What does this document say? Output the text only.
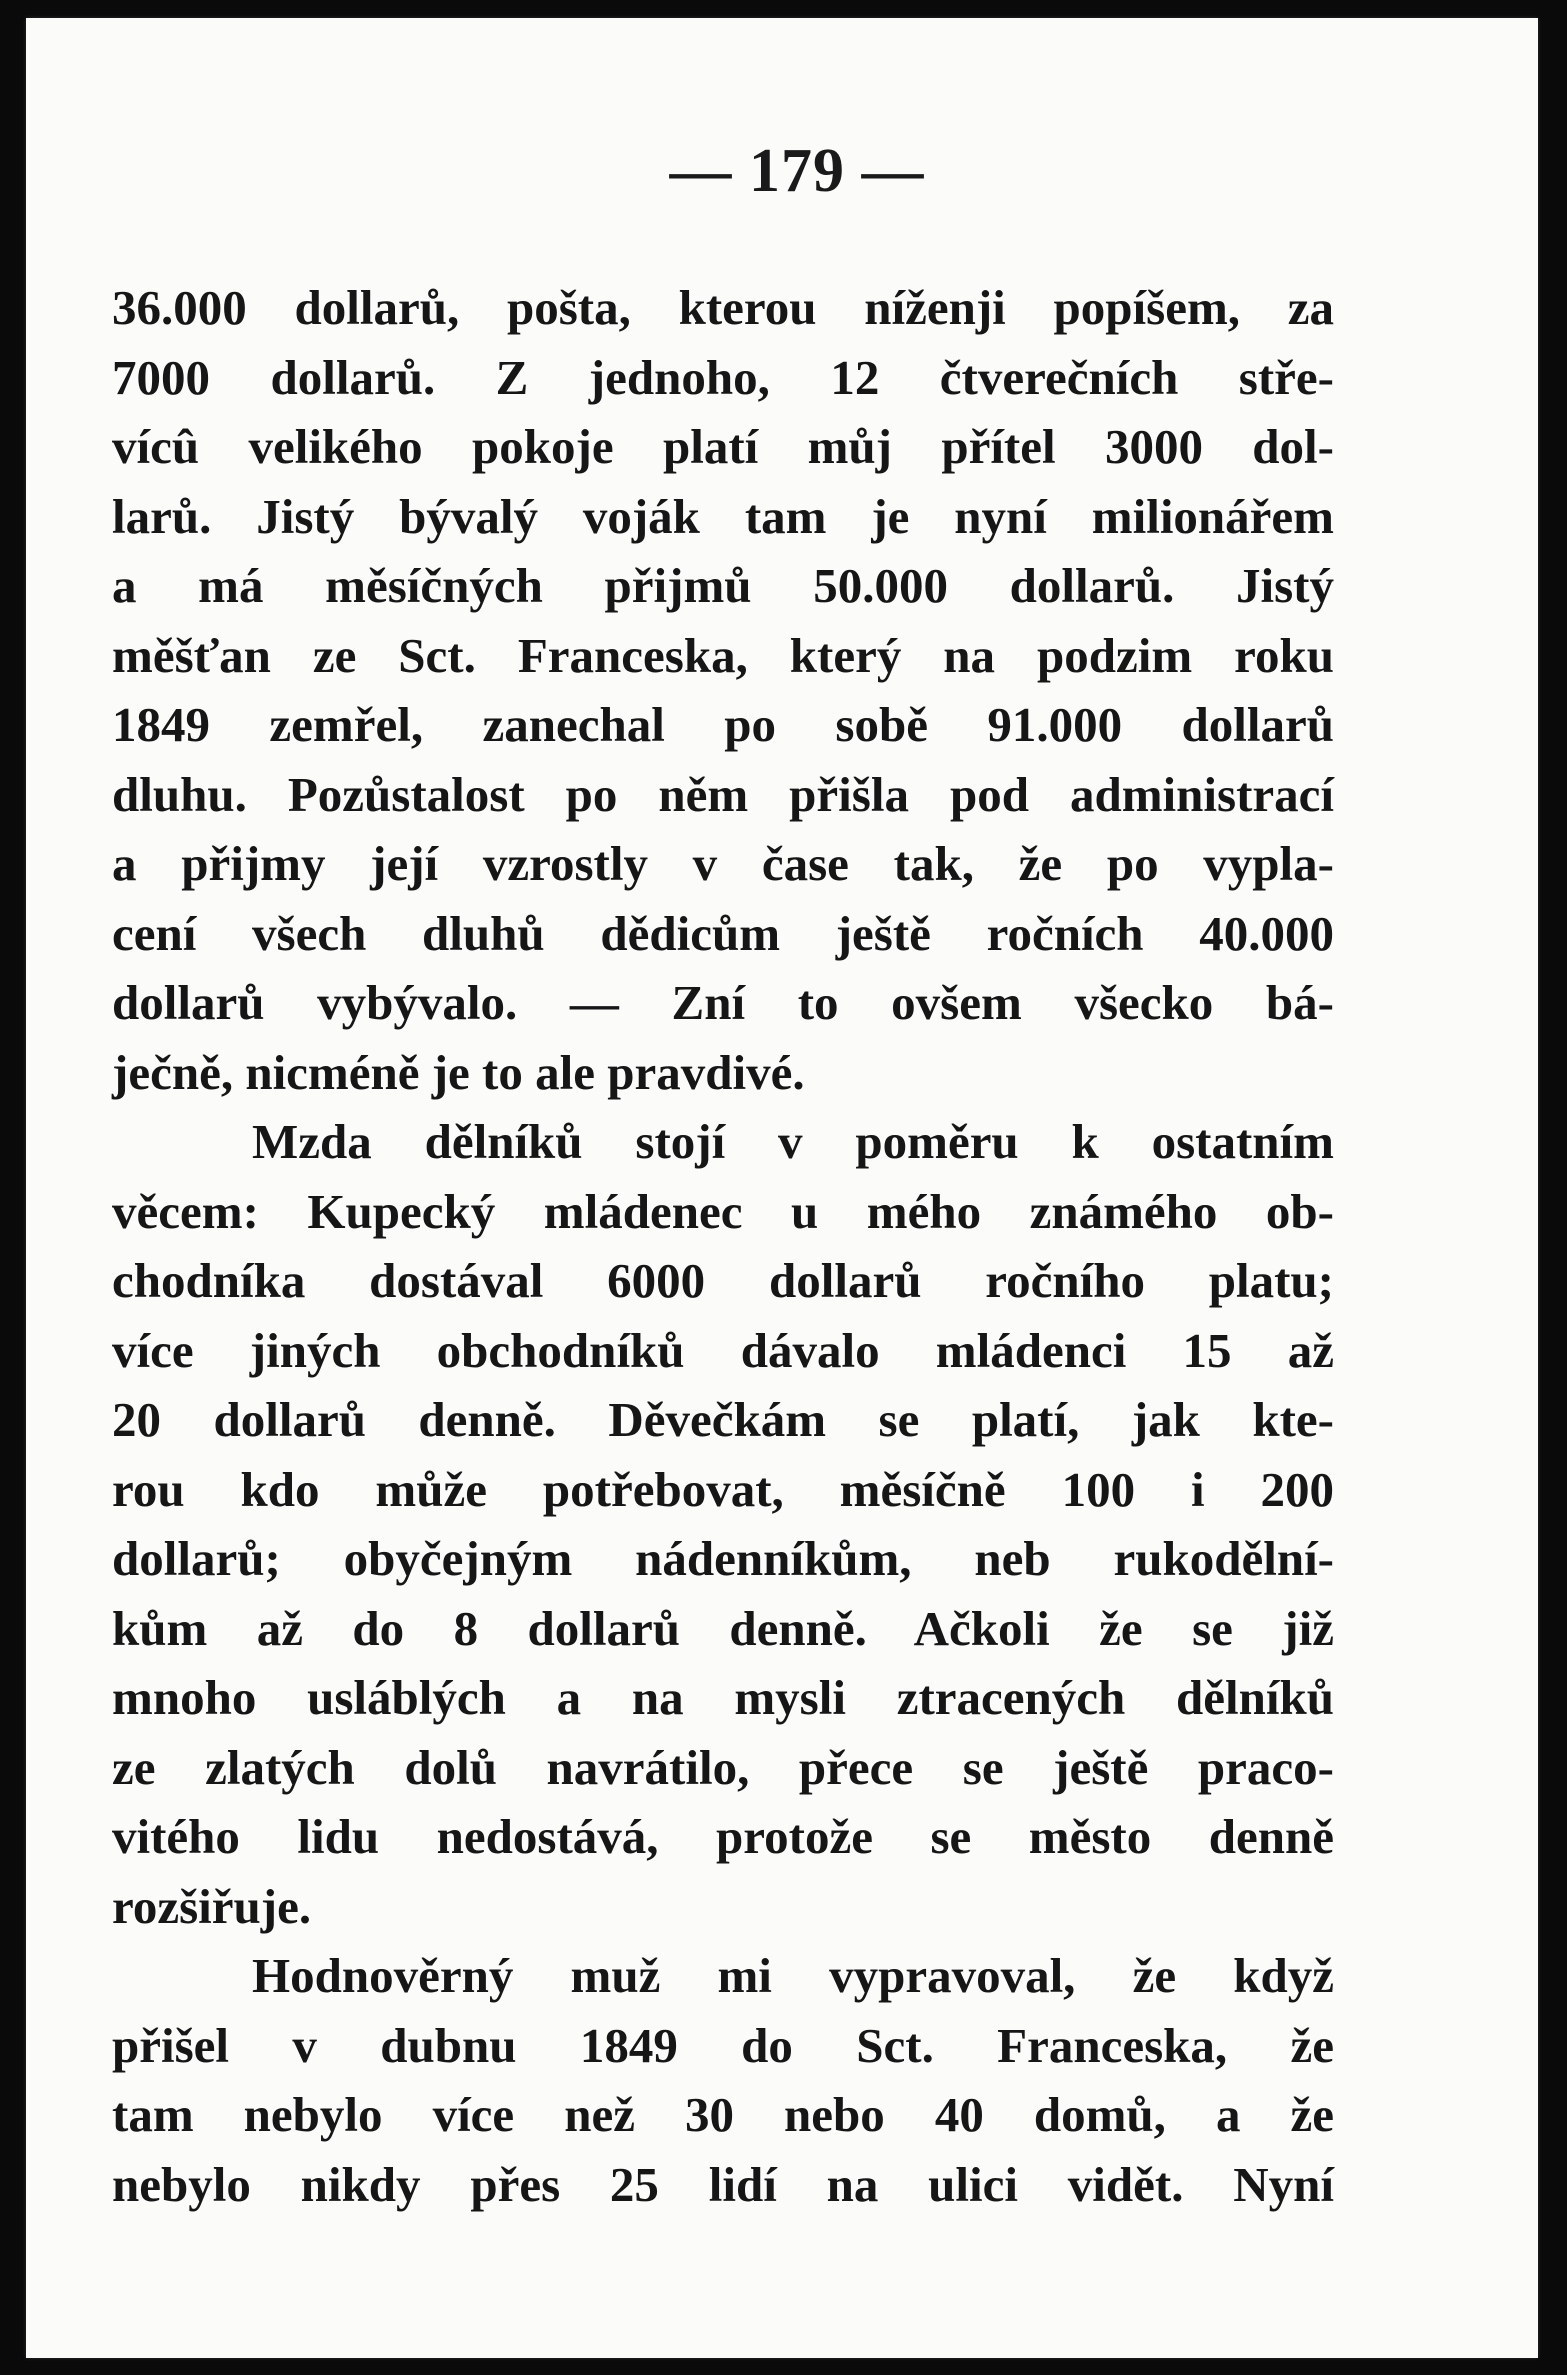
— 179 —
36.000 dollarů, pošta, kterou níženji popíšem, za
7000 dollarů. Z jednoho, 12 čtverečních stře-
vícû velikého pokoje platí můj přítel 3000 dol-
larů. Jistý bývalý voják tam je nyní milionářem
a má měsíčných přijmů 50.000 dollarů. Jistý
měšťan ze Sct. Franceska, který na podzim roku
1849 zemřel, zanechal po sobě 91.000 dollarů
dluhu. Pozůstalost po něm přišla pod administrací
a přijmy její vzrostly v čase tak, že po vypla-
cení všech dluhů dědicům ještě ročních 40.000
dollarů vybývalo. — Zní to ovšem všecko bá-
ječně, nicméně je to ale pravdivé.
Mzda dělníků stojí v poměru k ostatním
věcem: Kupecký mládenec u mého známého ob-
chodníka dostával 6000 dollarů ročního platu;
více jiných obchodníků dávalo mládenci 15 až
20 dollarů denně. Děvečkám se platí, jak kte-
rou kdo může potřebovat, měsíčně 100 i 200
dollarů; obyčejným nádenníkům, neb rukodělní-
kům až do 8 dollarů denně. Ačkoli že se již
mnoho usláblých a na mysli ztracených dělníků
ze zlatých dolů navrátilo, přece se ještě praco-
vitého lidu nedostává, protože se město denně
rozšiřuje.
Hodnověrný muž mi vypravoval, že když
přišel v dubnu 1849 do Sct. Franceska, že
tam nebylo více než 30 nebo 40 domů, a že
nebylo nikdy přes 25 lidí na ulici vidět. Nyní
